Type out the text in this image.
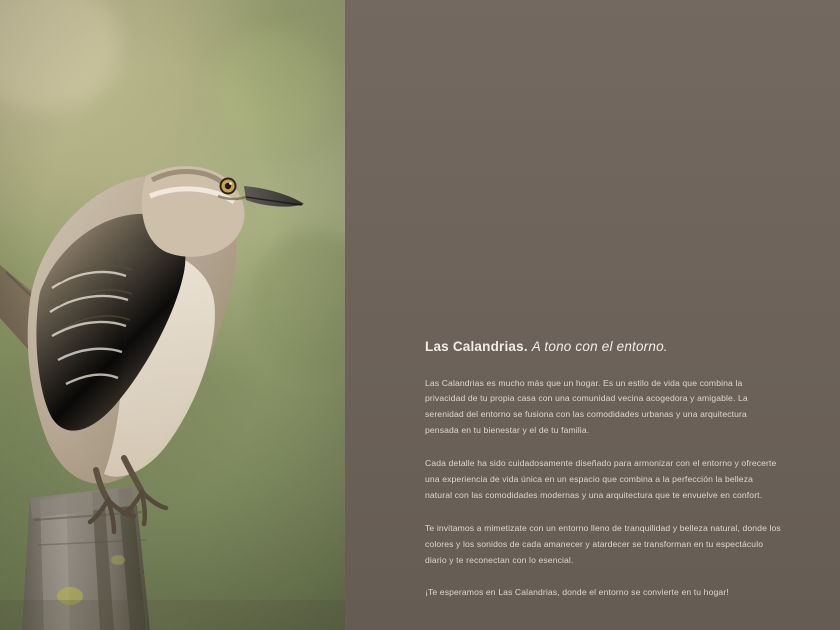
Las Calandrias. A tono con el entorno.

Las Calandrias es mucho más que un hogar. Es un estilo de vida que combina la privacidad de tu propia casa con una comunidad vecina acogedora y amigable. La serenidad del entorno se fusiona con las comodidades urbanas y una arquitectura pensada en tu bienestar y el de tu familia.

Cada detalle ha sido cuidadosamente diseñado para armonizar con el entorno y ofrecerte una experiencia de vida única en un espacio que combina a la perfección la belleza natural con las comodidades modernas y una arquitectura que te envuelve en confort.

Te invitamos a mimetizate con un entorno lleno de tranquilidad y belleza natural, donde los colores y los sonidos de cada amanecer y atardecer se transforman en tu espectáculo diario y te reconectan con lo esencial.

¡Te esperamos en Las Calandrias, donde el entorno se convierte en tu hogar!
